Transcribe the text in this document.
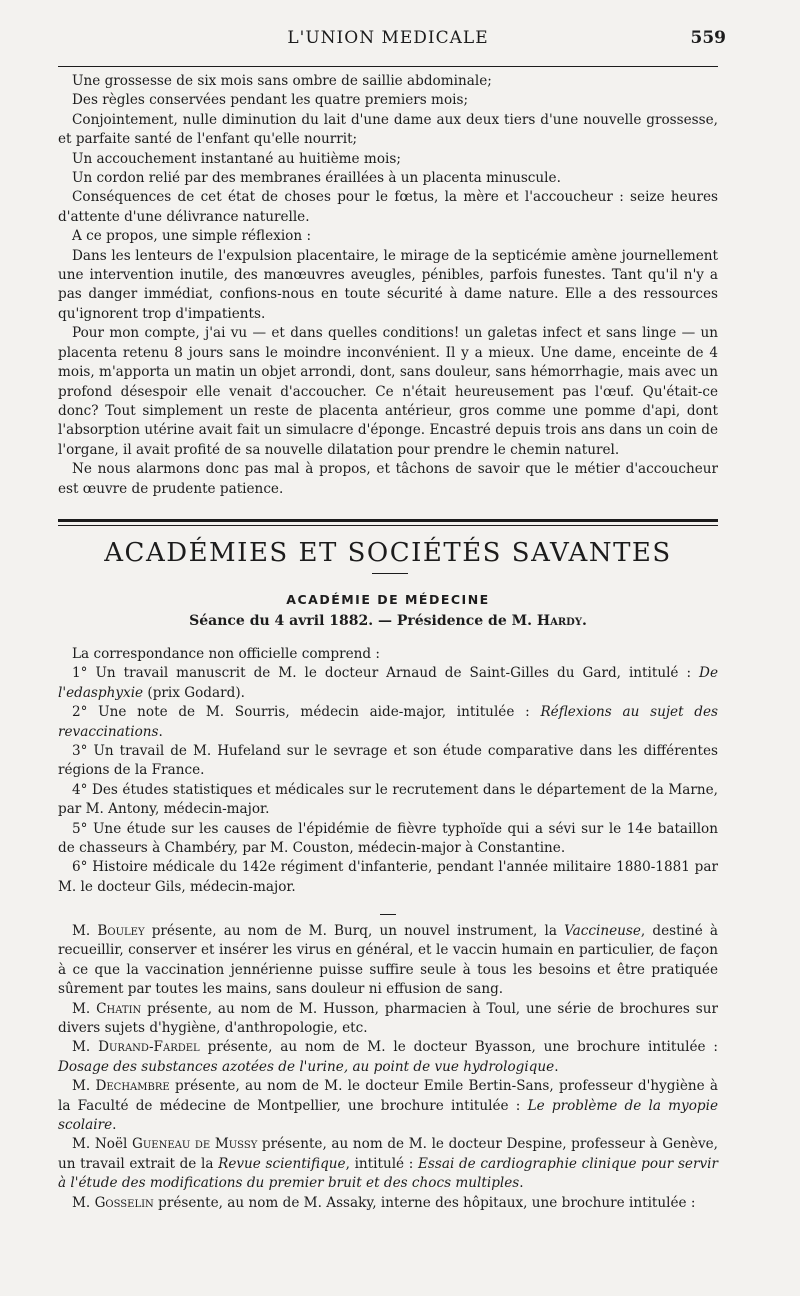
L'UNION MEDICALE	559

Une grossesse de six mois sans ombre de saillie abdominale;

Des règles conservées pendant les quatre premiers mois;

Conjointement, nulle diminution du lait d'une dame aux deux tiers d'une nouvelle grossesse, et parfaite santé de l'enfant qu'elle nourrit;

Un accouchement instantané au huitième mois;

Un cordon relié par des membranes éraillées à un placenta minuscule.

Conséquences de cet état de choses pour le fœtus, la mère et l'accoucheur : seize heures d'attente d'une délivrance naturelle.

A ce propos, une simple réflexion :

Dans les lenteurs de l'expulsion placentaire, le mirage de la septicémie amène journellement une intervention inutile, des manœuvres aveugles, pénibles, parfois funestes. Tant qu'il n'y a pas danger immédiat, confions-nous en toute sécurité à dame nature. Elle a des ressources qu'ignorent trop d'impatients.

Pour mon compte, j'ai vu — et dans quelles conditions! un galetas infect et sans linge — un placenta retenu 8 jours sans le moindre inconvénient. Il y a mieux. Une dame, enceinte de 4 mois, m'apporta un matin un objet arrondi, dont, sans douleur, sans hémorrhagie, mais avec un profond désespoir elle venait d'accoucher. Ce n'était heureusement pas l'œuf. Qu'était-ce donc? Tout simplement un reste de placenta antérieur, gros comme une pomme d'api, dont l'absorption utérine avait fait un simulacre d'éponge. Encastré depuis trois ans dans un coin de l'organe, il avait profité de sa nouvelle dilatation pour prendre le chemin naturel.

Ne nous alarmons donc pas mal à propos, et tâchons de savoir que le métier d'accoucheur est œuvre de prudente patience.

ACADÉMIES ET SOCIÉTÉS SAVANTES
ACADÉMIE DE MÉDECINE
Séance du 4 avril 1882. — Présidence de M. Hardy.

La correspondance non officielle comprend :

1° Un travail manuscrit de M. le docteur Arnaud de Saint-Gilles du Gard, intitulé : De l'edasphyxie (prix Godard).

2° Une note de M. Sourris, médecin aide-major, intitulée : Réflexions au sujet des revaccinations.

3° Un travail de M. Hufeland sur le sevrage et son étude comparative dans les différentes régions de la France.

4° Des études statistiques et médicales sur le recrutement dans le département de la Marne, par M. Antony, médecin-major.

5° Une étude sur les causes de l'épidémie de fièvre typhoïde qui a sévi sur le 14e bataillon de chasseurs à Chambéry, par M. Couston, médecin-major à Constantine.

6° Histoire médicale du 142e régiment d'infanterie, pendant l'année militaire 1880-1881 par M. le docteur Gils, médecin-major.

M. Bouley présente, au nom de M. Burq, un nouvel instrument, la Vaccineuse, destiné à recueillir, conserver et insérer les virus en général, et le vaccin humain en particulier, de façon à ce que la vaccination jennérienne puisse suffire seule à tous les besoins et être pratiquée sûrement par toutes les mains, sans douleur ni effusion de sang.

M. Chatin présente, au nom de M. Husson, pharmacien à Toul, une série de brochures sur divers sujets d'hygiène, d'anthropologie, etc.

M. Durand-Fardel présente, au nom de M. le docteur Byasson, une brochure intitulée : Dosage des substances azotées de l'urine, au point de vue hydrologique.

M. Dechambre présente, au nom de M. le docteur Emile Bertin-Sans, professeur d'hygiène à la Faculté de médecine de Montpellier, une brochure intitulée : Le problème de la myopie scolaire.

M. Noël Gueneau de Mussy présente, au nom de M. le docteur Despine, professeur à Genève, un travail extrait de la Revue scientifique, intitulé : Essai de cardiographie clinique pour servir à l'étude des modifications du premier bruit et des chocs multiples.

M. Gosselin présente, au nom de M. Assaky, interne des hôpitaux, une brochure intitulée :
